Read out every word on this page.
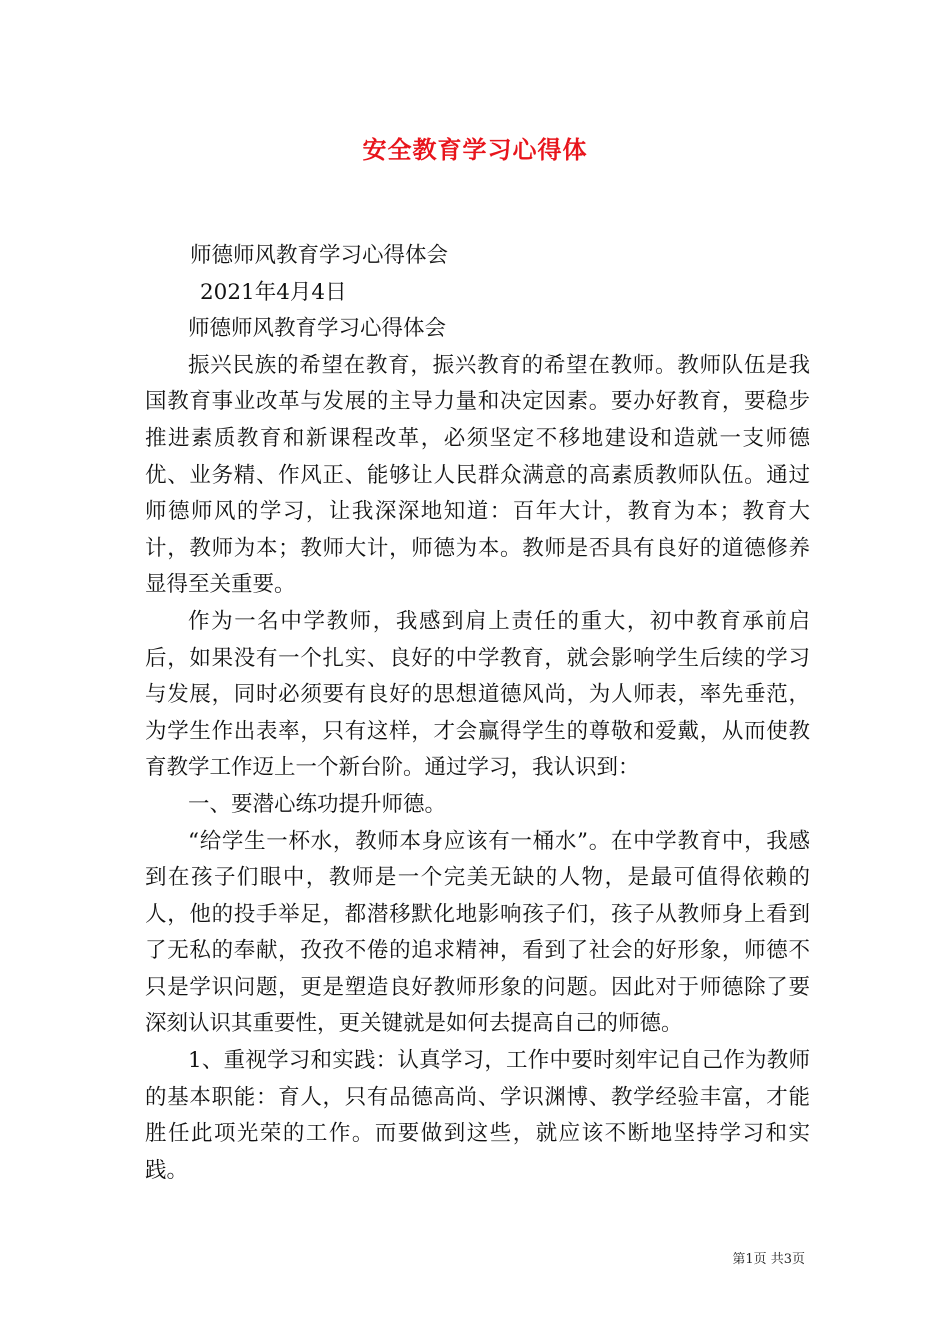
安全教育学习心得体

师德师风教育学习心得体会

2021年4月4日

师德师风教育学习心得体会

振兴民族的希望在教育，振兴教育的希望在教师。教师队伍是我国教育事业改革与发展的主导力量和决定因素。要办好教育，要稳步推进素质教育和新课程改革，必须坚定不移地建设和造就一支师德优、业务精、作风正、能够让人民群众满意的高素质教师队伍。通过师德师风的学习，让我深深地知道：百年大计，教育为本；教育大计，教师为本；教师大计，师德为本。教师是否具有良好的道德修养显得至关重要。

作为一名中学教师，我感到肩上责任的重大，初中教育承前启后，如果没有一个扎实、良好的中学教育，就会影响学生后续的学习与发展，同时必须要有良好的思想道德风尚，为人师表，率先垂范，为学生作出表率，只有这样，才会赢得学生的尊敬和爱戴，从而使教育教学工作迈上一个新台阶。通过学习，我认识到：

一、要潜心练功提升师德。

“给学生一杯水，教师本身应该有一桶水”。在中学教育中，我感到在孩子们眼中，教师是一个完美无缺的人物，是最可值得依赖的人，他的投手举足，都潜移默化地影响孩子们，孩子从教师身上看到了无私的奉献，孜孜不倦的追求精神，看到了社会的好形象，师德不只是学识问题，更是塑造良好教师形象的问题。因此对于师德除了要深刻认识其重要性，更关键就是如何去提高自己的师德。

1、重视学习和实践：认真学习，工作中要时刻牢记自己作为教师的基本职能：育人，只有品德高尚、学识渊博、教学经验丰富，才能胜任此项光荣的工作。而要做到这些，就应该不断地坚持学习和实践。

第1页 共3页
